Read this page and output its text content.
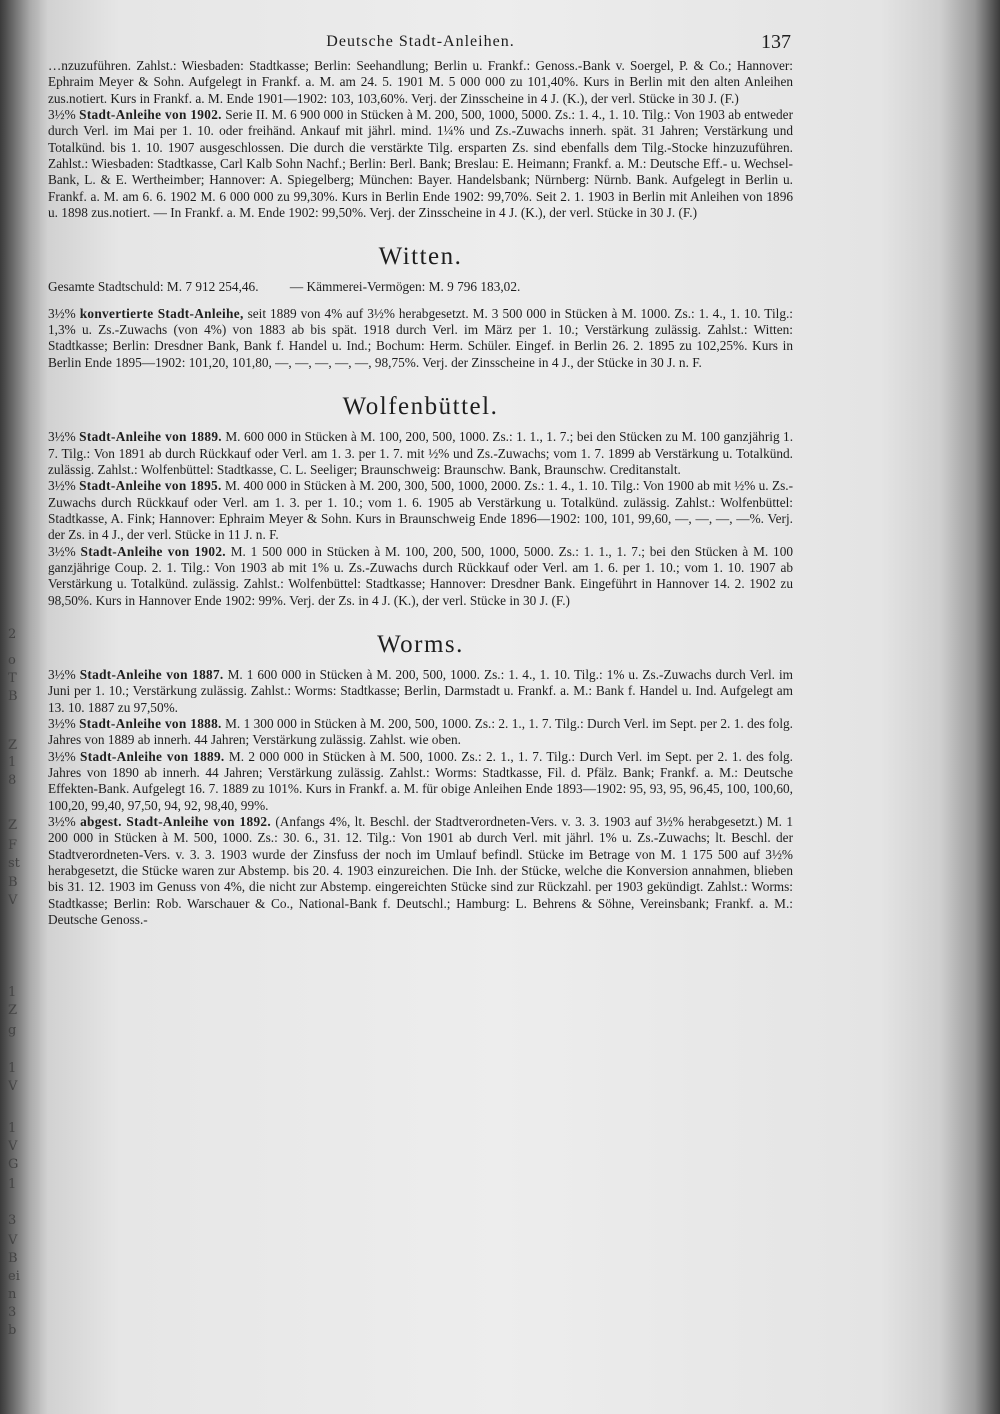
2
o
T
B
Z
1
8
Z
F
st
B
V
1
Z
g
1
V
1
V
G
1
3
V
B
ei
n
3
b
Deutsche Stadt-Anleihen.	137

…nzuzuführen. Zahlst.: Wiesbaden: Stadtkasse; Berlin: Seehandlung; Berlin u. Frankf.: Genoss.-Bank v. Soergel, P. & Co.; Hannover: Ephraim Meyer & Sohn. Aufgelegt in Frankf. a. M. am 24. 5. 1901 M. 5 000 000 zu 101,40%. Kurs in Berlin mit den alten Anleihen zus.notiert. Kurs in Frankf. a. M. Ende 1901—1902: 103, 103,60%. Verj. der Zinsscheine in 4 J. (K.), der verl. Stücke in 30 J. (F.)

3½% Stadt-Anleihe von 1902. Serie II. M. 6 900 000 in Stücken à M. 200, 500, 1000, 5000. Zs.: 1. 4., 1. 10. Tilg.: Von 1903 ab entweder durch Verl. im Mai per 1. 10. oder freihänd. Ankauf mit jährl. mind. 1¼% und Zs.-Zuwachs innerh. spät. 31 Jahren; Verstärkung und Totalkünd. bis 1. 10. 1907 ausgeschlossen. Die durch die verstärkte Tilg. ersparten Zs. sind ebenfalls dem Tilg.-Stocke hinzuzuführen. Zahlst.: Wiesbaden: Stadtkasse, Carl Kalb Sohn Nachf.; Berlin: Berl. Bank; Breslau: E. Heimann; Frankf. a. M.: Deutsche Eff.- u. Wechsel-Bank, L. & E. Wertheimber; Hannover: A. Spiegelberg; München: Bayer. Handelsbank; Nürnberg: Nürnb. Bank. Aufgelegt in Berlin u. Frankf. a. M. am 6. 6. 1902 M. 6 000 000 zu 99,30%. Kurs in Berlin Ende 1902: 99,70%. Seit 2. 1. 1903 in Berlin mit Anleihen von 1896 u. 1898 zus.notiert. — In Frankf. a. M. Ende 1902: 99,50%. Verj. der Zinsscheine in 4 J. (K.), der verl. Stücke in 30 J. (F.)

Witten.

Gesamte Stadtschuld: M. 7 912 254,46. — Kämmerei-Vermögen: M. 9 796 183,02.

3½% konvertierte Stadt-Anleihe, seit 1889 von 4% auf 3½% herabgesetzt. M. 3 500 000 in Stücken à M. 1000. Zs.: 1. 4., 1. 10. Tilg.: 1,3% u. Zs.-Zuwachs (von 4%) von 1883 ab bis spät. 1918 durch Verl. im März per 1. 10.; Verstärkung zulässig. Zahlst.: Witten: Stadtkasse; Berlin: Dresdner Bank, Bank f. Handel u. Ind.; Bochum: Herm. Schüler. Eingef. in Berlin 26. 2. 1895 zu 102,25%. Kurs in Berlin Ende 1895—1902: 101,20, 101,80, —, —, —, —, —, 98,75%. Verj. der Zinsscheine in 4 J., der Stücke in 30 J. n. F.

Wolfenbüttel.

3½% Stadt-Anleihe von 1889. M. 600 000 in Stücken à M. 100, 200, 500, 1000. Zs.: 1. 1., 1. 7.; bei den Stücken zu M. 100 ganzjährig 1. 7. Tilg.: Von 1891 ab durch Rückkauf oder Verl. am 1. 3. per 1. 7. mit ½% und Zs.-Zuwachs; vom 1. 7. 1899 ab Verstärkung u. Totalkünd. zulässig. Zahlst.: Wolfenbüttel: Stadtkasse, C. L. Seeliger; Braunschweig: Braunschw. Bank, Braunschw. Creditanstalt.

3½% Stadt-Anleihe von 1895. M. 400 000 in Stücken à M. 200, 300, 500, 1000, 2000. Zs.: 1. 4., 1. 10. Tilg.: Von 1900 ab mit ½% u. Zs.-Zuwachs durch Rückkauf oder Verl. am 1. 3. per 1. 10.; vom 1. 6. 1905 ab Verstärkung u. Totalkünd. zulässig. Zahlst.: Wolfenbüttel: Stadtkasse, A. Fink; Hannover: Ephraim Meyer & Sohn. Kurs in Braunschweig Ende 1896—1902: 100, 101, 99,60, —, —, —, —%. Verj. der Zs. in 4 J., der verl. Stücke in 11 J. n. F.

3½% Stadt-Anleihe von 1902. M. 1 500 000 in Stücken à M. 100, 200, 500, 1000, 5000. Zs.: 1. 1., 1. 7.; bei den Stücken à M. 100 ganzjährige Coup. 2. 1. Tilg.: Von 1903 ab mit 1% u. Zs.-Zuwachs durch Rückkauf oder Verl. am 1. 6. per 1. 10.; vom 1. 10. 1907 ab Verstärkung u. Totalkünd. zulässig. Zahlst.: Wolfenbüttel: Stadtkasse; Hannover: Dresdner Bank. Eingeführt in Hannover 14. 2. 1902 zu 98,50%. Kurs in Hannover Ende 1902: 99%. Verj. der Zs. in 4 J. (K.), der verl. Stücke in 30 J. (F.)

Worms.

3½% Stadt-Anleihe von 1887. M. 1 600 000 in Stücken à M. 200, 500, 1000. Zs.: 1. 4., 1. 10. Tilg.: 1% u. Zs.-Zuwachs durch Verl. im Juni per 1. 10.; Verstärkung zulässig. Zahlst.: Worms: Stadtkasse; Berlin, Darmstadt u. Frankf. a. M.: Bank f. Handel u. Ind. Aufgelegt am 13. 10. 1887 zu 97,50%.

3½% Stadt-Anleihe von 1888. M. 1 300 000 in Stücken à M. 200, 500, 1000. Zs.: 2. 1., 1. 7. Tilg.: Durch Verl. im Sept. per 2. 1. des folg. Jahres von 1889 ab innerh. 44 Jahren; Verstärkung zulässig. Zahlst. wie oben.

3½% Stadt-Anleihe von 1889. M. 2 000 000 in Stücken à M. 500, 1000. Zs.: 2. 1., 1. 7. Tilg.: Durch Verl. im Sept. per 2. 1. des folg. Jahres von 1890 ab innerh. 44 Jahren; Verstärkung zulässig. Zahlst.: Worms: Stadtkasse, Fil. d. Pfälz. Bank; Frankf. a. M.: Deutsche Effekten-Bank. Aufgelegt 16. 7. 1889 zu 101%. Kurs in Frankf. a. M. für obige Anleihen Ende 1893—1902: 95, 93, 95, 96,45, 100, 100,60, 100,20, 99,40, 97,50, 94, 92, 98,40, 99%.

3½% abgest. Stadt-Anleihe von 1892. (Anfangs 4%, lt. Beschl. der Stadtverordneten-Vers. v. 3. 3. 1903 auf 3½% herabgesetzt.) M. 1 200 000 in Stücken à M. 500, 1000. Zs.: 30. 6., 31. 12. Tilg.: Von 1901 ab durch Verl. mit jährl. 1% u. Zs.-Zuwachs; lt. Beschl. der Stadtverordneten-Vers. v. 3. 3. 1903 wurde der Zinsfuss der noch im Umlauf befindl. Stücke im Betrage von M. 1 175 500 auf 3½% herabgesetzt, die Stücke waren zur Abstemp. bis 20. 4. 1903 einzureichen. Die Inh. der Stücke, welche die Konversion annahmen, blieben bis 31. 12. 1903 im Genuss von 4%, die nicht zur Abstemp. eingereichten Stücke sind zur Rückzahl. per 1903 gekündigt. Zahlst.: Worms: Stadtkasse; Berlin: Rob. Warschauer & Co., National-Bank f. Deutschl.; Hamburg: L. Behrens & Söhne, Vereinsbank; Frankf. a. M.: Deutsche Genoss.-
